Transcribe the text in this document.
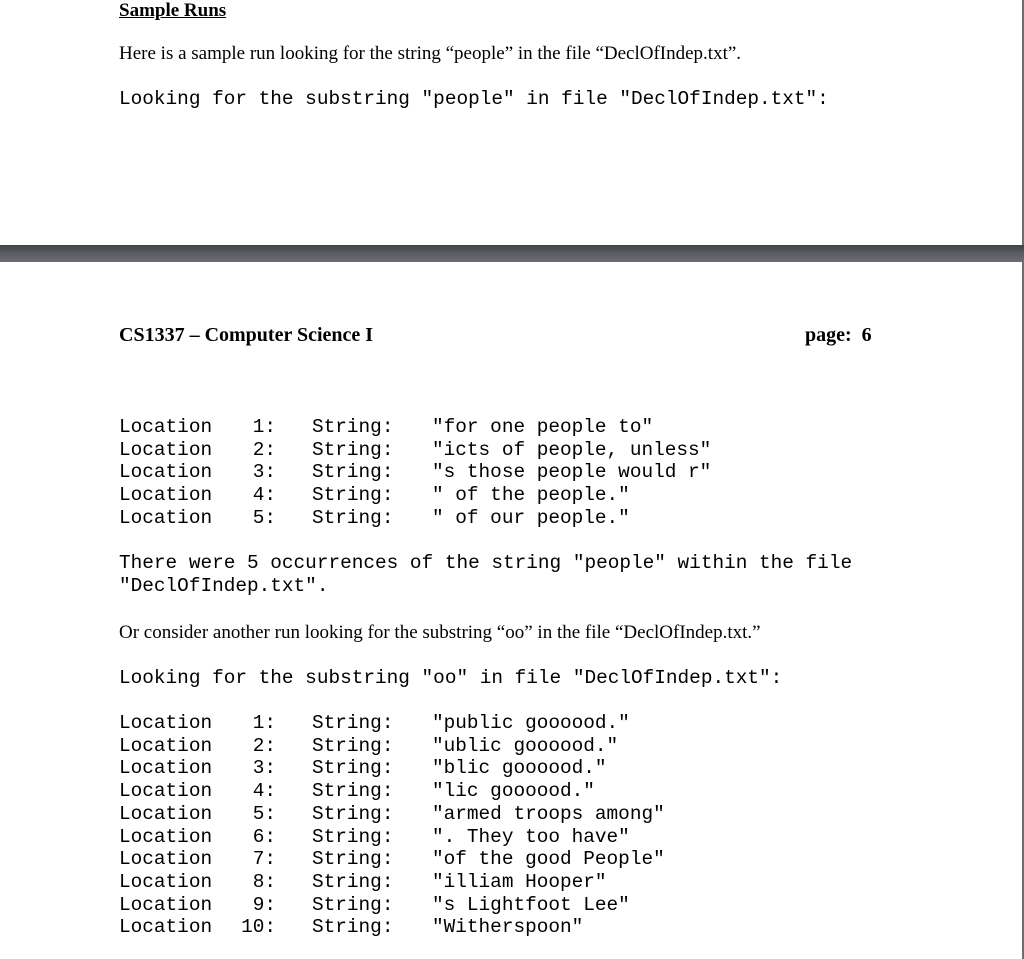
Sample Runs
Here is a sample run looking for the string “people” in the file “DeclOfIndep.txt”.
Looking for the substring "people" in file "DeclOfIndep.txt":
CS1337 – Computer Science I	page:  6
Location	1: String: "for one people to"
Location	2: String: "icts of people, unless"
Location	3: String: "s those people would r"
Location	4: String: " of the people."
Location	5: String: " of our people."
There were 5 occurrences of the string "people" within the file
"DeclOfIndep.txt".
Or consider another run looking for the substring “oo” in the file “DeclOfIndep.txt.”
Looking for the substring "oo" in file "DeclOfIndep.txt":
Location	1: String: "public goooood."
Location	2: String: "ublic goooood."
Location	3: String: "blic goooood."
Location	4: String: "lic goooood."
Location	5: String: "armed troops among"
Location	6: String: ". They too have"
Location	7: String: "of the good People"
Location	8: String: "illiam Hooper"
Location	9: String: "s Lightfoot Lee"
Location 10: String: "Witherspoon"
